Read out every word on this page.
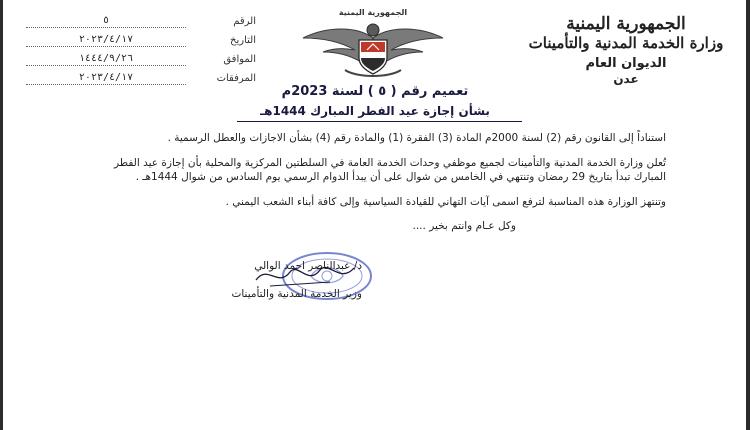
الجمهورية اليمنية
وزارة الخدمة المدنية والتأمينات
الديوان العام
عدن
الجمهورية اليمنية
الرقم
٥
التاريخ
٢٠٢٣/٤/١٧
الموافق
١٤٤٤/٩/٢٦
المرفقات
٢٠٢٣/٤/١٧
تعميم رقم ( ٥ ) لسنة 2023م
بشأن إجازة عيد الفطر المبارك 1444هـ

استناداً إلى القانون رقم (2) لسنة 2000م المادة (3) الفقرة (1) والمادة رقم (4) بشأن الاجازات والعطل الرسمية .

تُعلن وزارة الخدمة المدنية والتأمينات لجميع موظفي وحدات الخدمة العامة في السلطتين المركزية والمحلية بأن إجازة عيد الفطر المبارك تبدأ بتاريخ 29 رمضان وتنتهي في الخامس من شوال على أن يبدأ الدوام الرسمي يوم السادس من شوال 1444هـ .

وتنتهز الوزارة هذه المناسبة لترفع اسمى آيات التهاني للقيادة السياسية وإلى كافة أبناء الشعب اليمني .

وكل عـام وانتم بخير ....

د/ عبدالناصر احمد الوالي
وزير الخدمة المدنية والتأمينات
